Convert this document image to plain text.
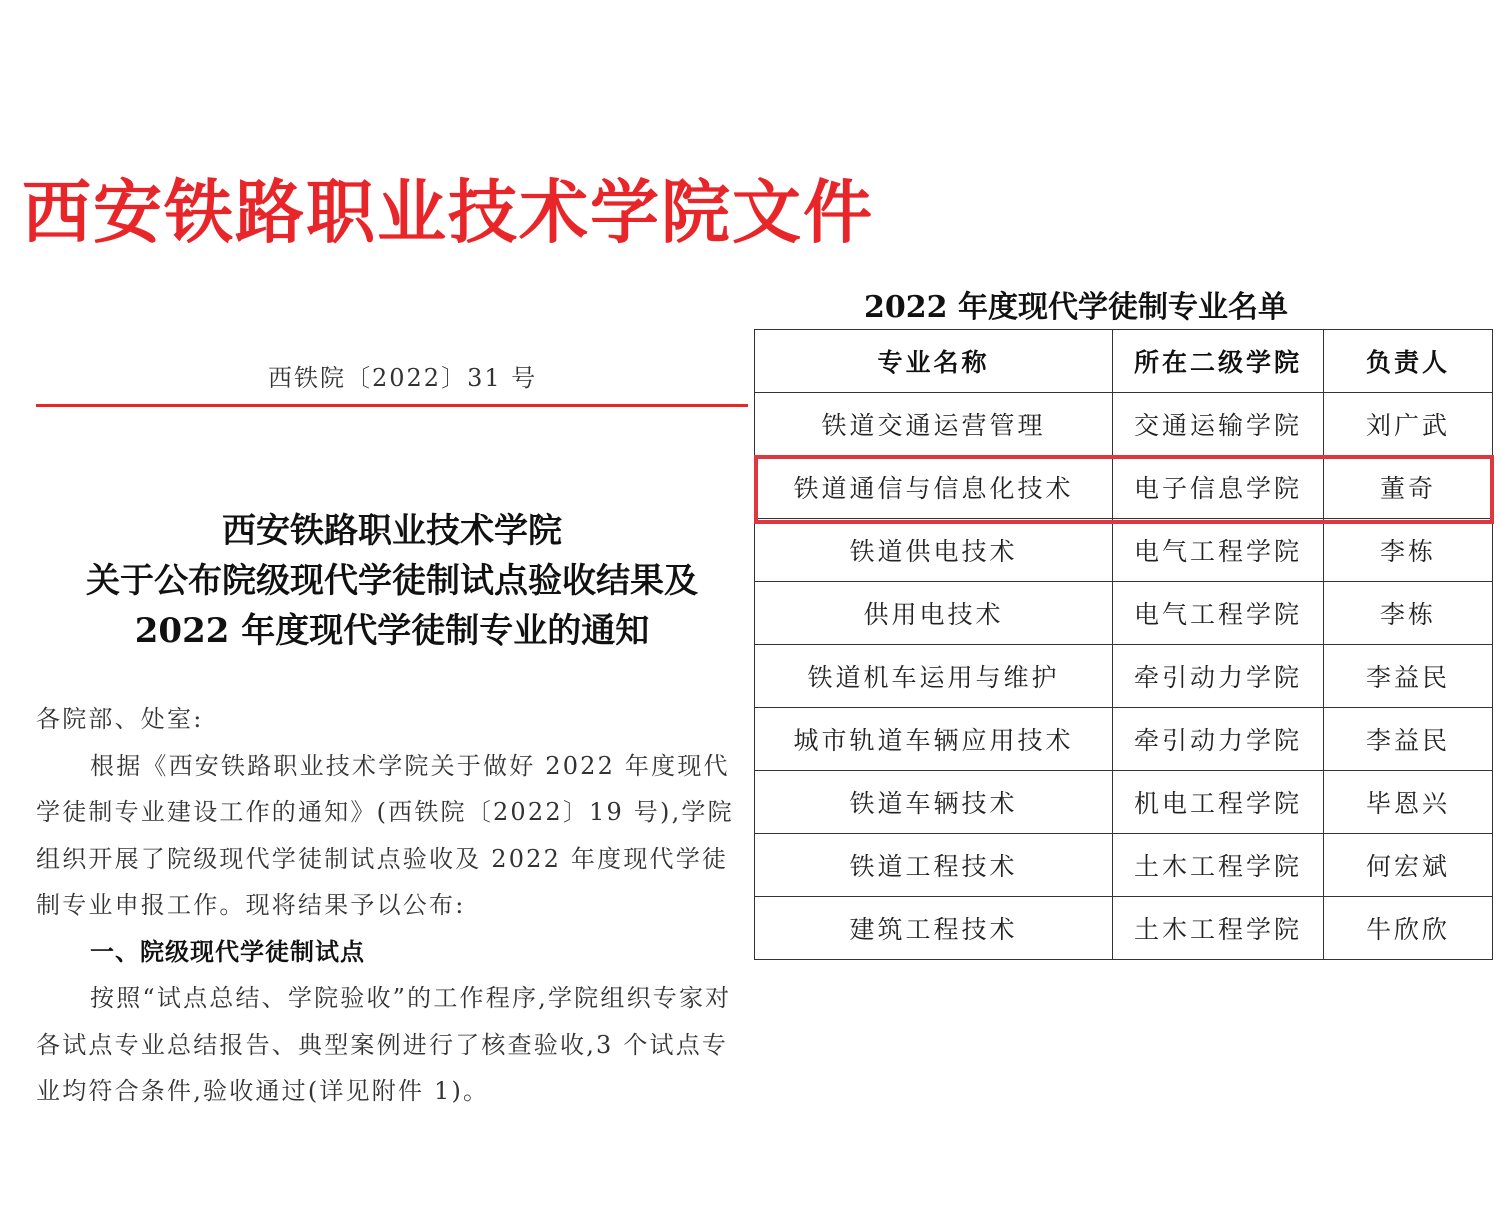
西安铁路职业技术学院文件
西铁院〔2022〕31 号
西安铁路职业技术学院
关于公布院级现代学徒制试点验收结果及
2022 年度现代学徒制专业的通知

各院部、处室:

根据《西安铁路职业技术学院关于做好 2022 年度现代学徒制专业建设工作的通知》(西铁院〔2022〕19 号),学院组织开展了院级现代学徒制试点验收及 2022 年度现代学徒制专业申报工作。现将结果予以公布:

一、院级现代学徒制试点

按照“试点总结、学院验收”的工作程序,学院组织专家对各试点专业总结报告、典型案例进行了核查验收,3 个试点专业均符合条件,验收通过(详见附件 1)。

2022 年度现代学徒制专业名单
专业名称	所在二级学院	负责人
铁道交通运营管理	交通运输学院	刘广武
铁道通信与信息化技术	电子信息学院	董奇
铁道供电技术	电气工程学院	李栋
供用电技术	电气工程学院	李栋
铁道机车运用与维护	牵引动力学院	李益民
城市轨道车辆应用技术	牵引动力学院	李益民
铁道车辆技术	机电工程学院	毕恩兴
铁道工程技术	土木工程学院	何宏斌
建筑工程技术	土木工程学院	牛欣欣
